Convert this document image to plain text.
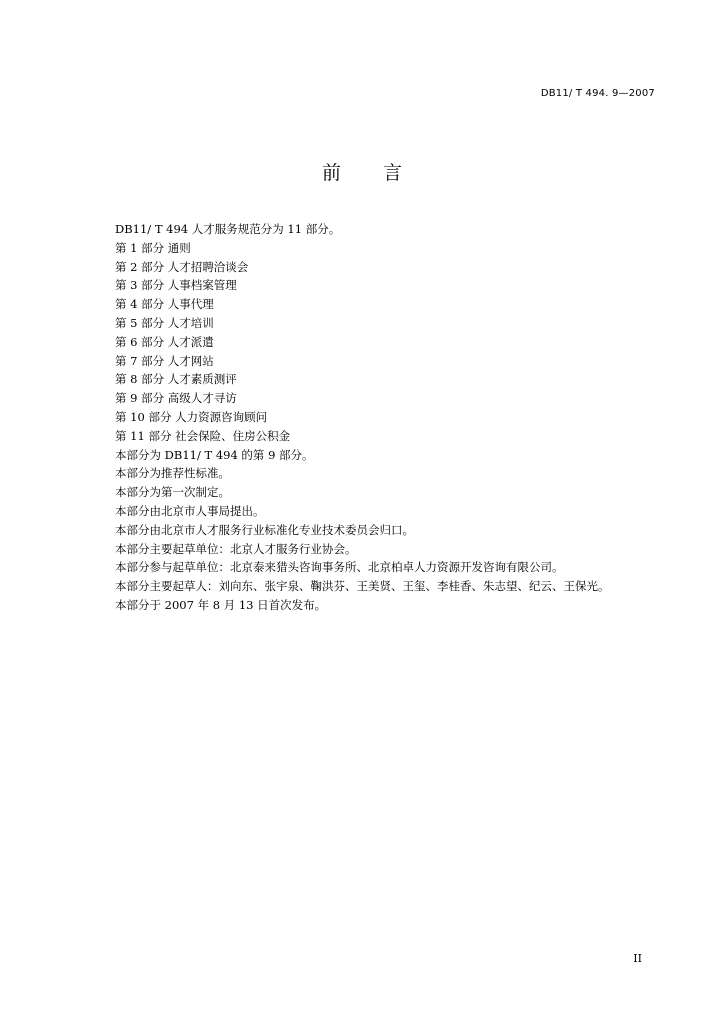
DB11/ T 494. 9—2007
前言
DB11/ T 494 人才服务规范分为 11 部分。
第 1 部分 通则
第 2 部分 人才招聘洽谈会
第 3 部分 人事档案管理
第 4 部分 人事代理
第 5 部分 人才培训
第 6 部分 人才派遣
第 7 部分 人才网站
第 8 部分 人才素质测评
第 9 部分 高级人才寻访
第 10 部分 人力资源咨询顾问
第 11 部分 社会保险、住房公积金
本部分为 DB11/ T 494 的第 9 部分。
本部分为推荐性标准。
本部分为第一次制定。
本部分由北京市人事局提出。
本部分由北京市人才服务行业标准化专业技术委员会归口。
本部分主要起草单位：北京人才服务行业协会。
本部分参与起草单位：北京泰来猎头咨询事务所、北京柏卓人力资源开发咨询有限公司。
本部分主要起草人：刘向东、张宇泉、鞠洪芬、王美贤、王玺、李桂香、朱志望、纪云、王保光。
本部分于 2007 年 8 月 13 日首次发布。
II
